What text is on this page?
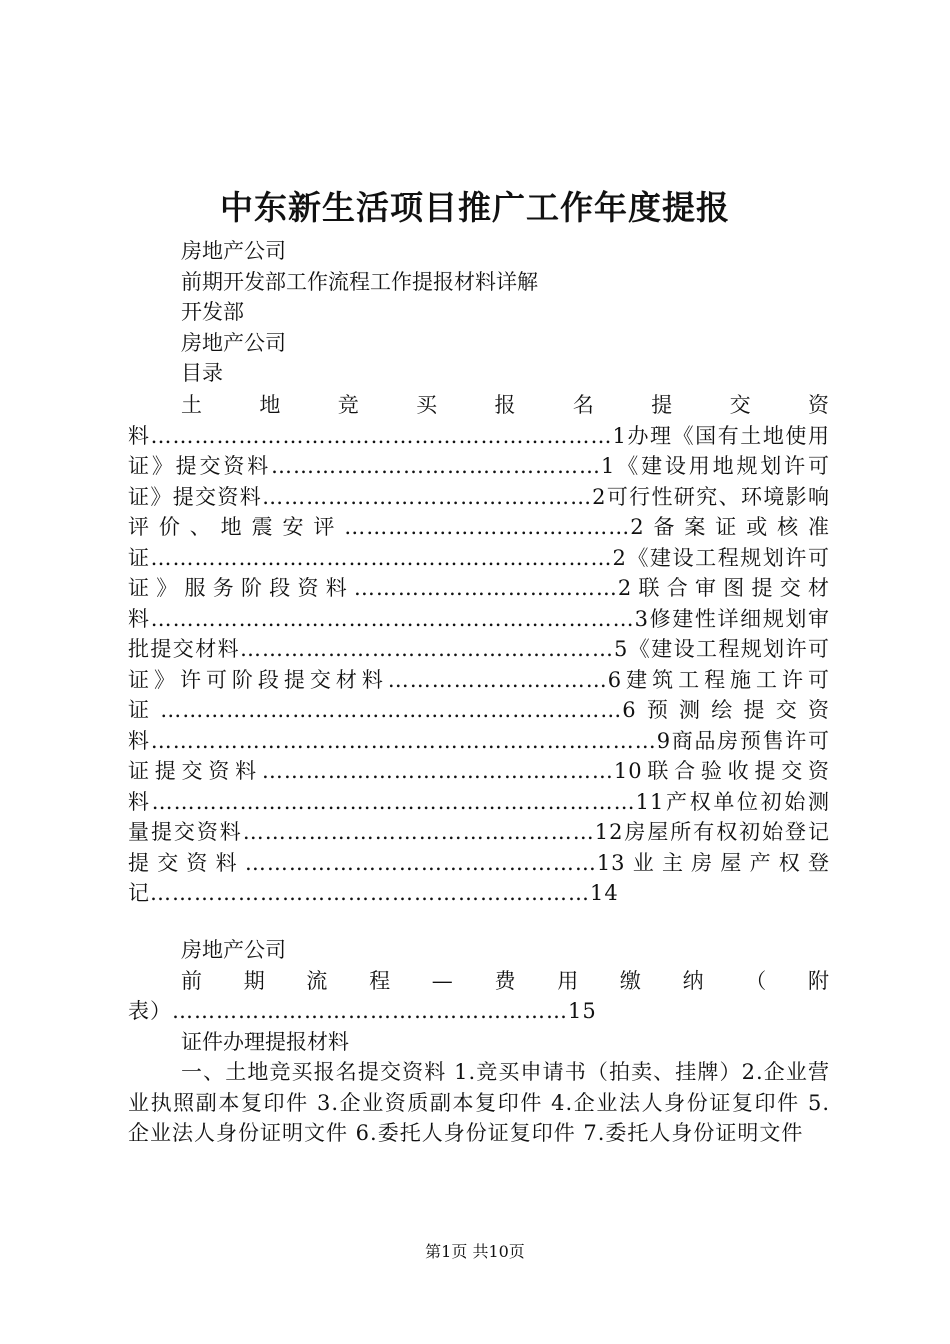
中东新生活项目推广工作年度提报
房地产公司
前期开发部工作流程工作提报材料详解
开发部
房地产公司
目录
土地竞买报名提交资料………………………………………………………1办理《国有土地使用证》提交资料………………………………………1《建设用地规划许可证》提交资料………………………………………2可行性研究、环境影响评价、地震安评…………………………………2备案证或核准证………………………………………………………2《建设工程规划许可证》服务阶段资料………………………………2联合审图提交材料…………………………………………………………3修建性详细规划审批提交材料……………………………………………5《建设工程规划许可证》许可阶段提交材料…………………………6建筑工程施工许可证………………………………………………………6预测绘提交资料……………………………………………………………9商品房预售许可证提交资料…………………………………………10联合验收提交资料…………………………………………………………11产权单位初始测量提交资料…………………………………………12房屋所有权初始登记提交资料…………………………………………13业主房屋产权登记……………………………………………………14
房地产公司
前期流程—费用缴纳（附表）………………………………………………15
证件办理提报材料
一、土地竞买报名提交资料 1.竞买申请书（拍卖、挂牌）2.企业营业执照副本复印件 3.企业资质副本复印件 4.企业法人身份证复印件 5.企业法人身份证明文件 6.委托人身份证复印件 7.委托人身份证明文件
第1页 共10页
